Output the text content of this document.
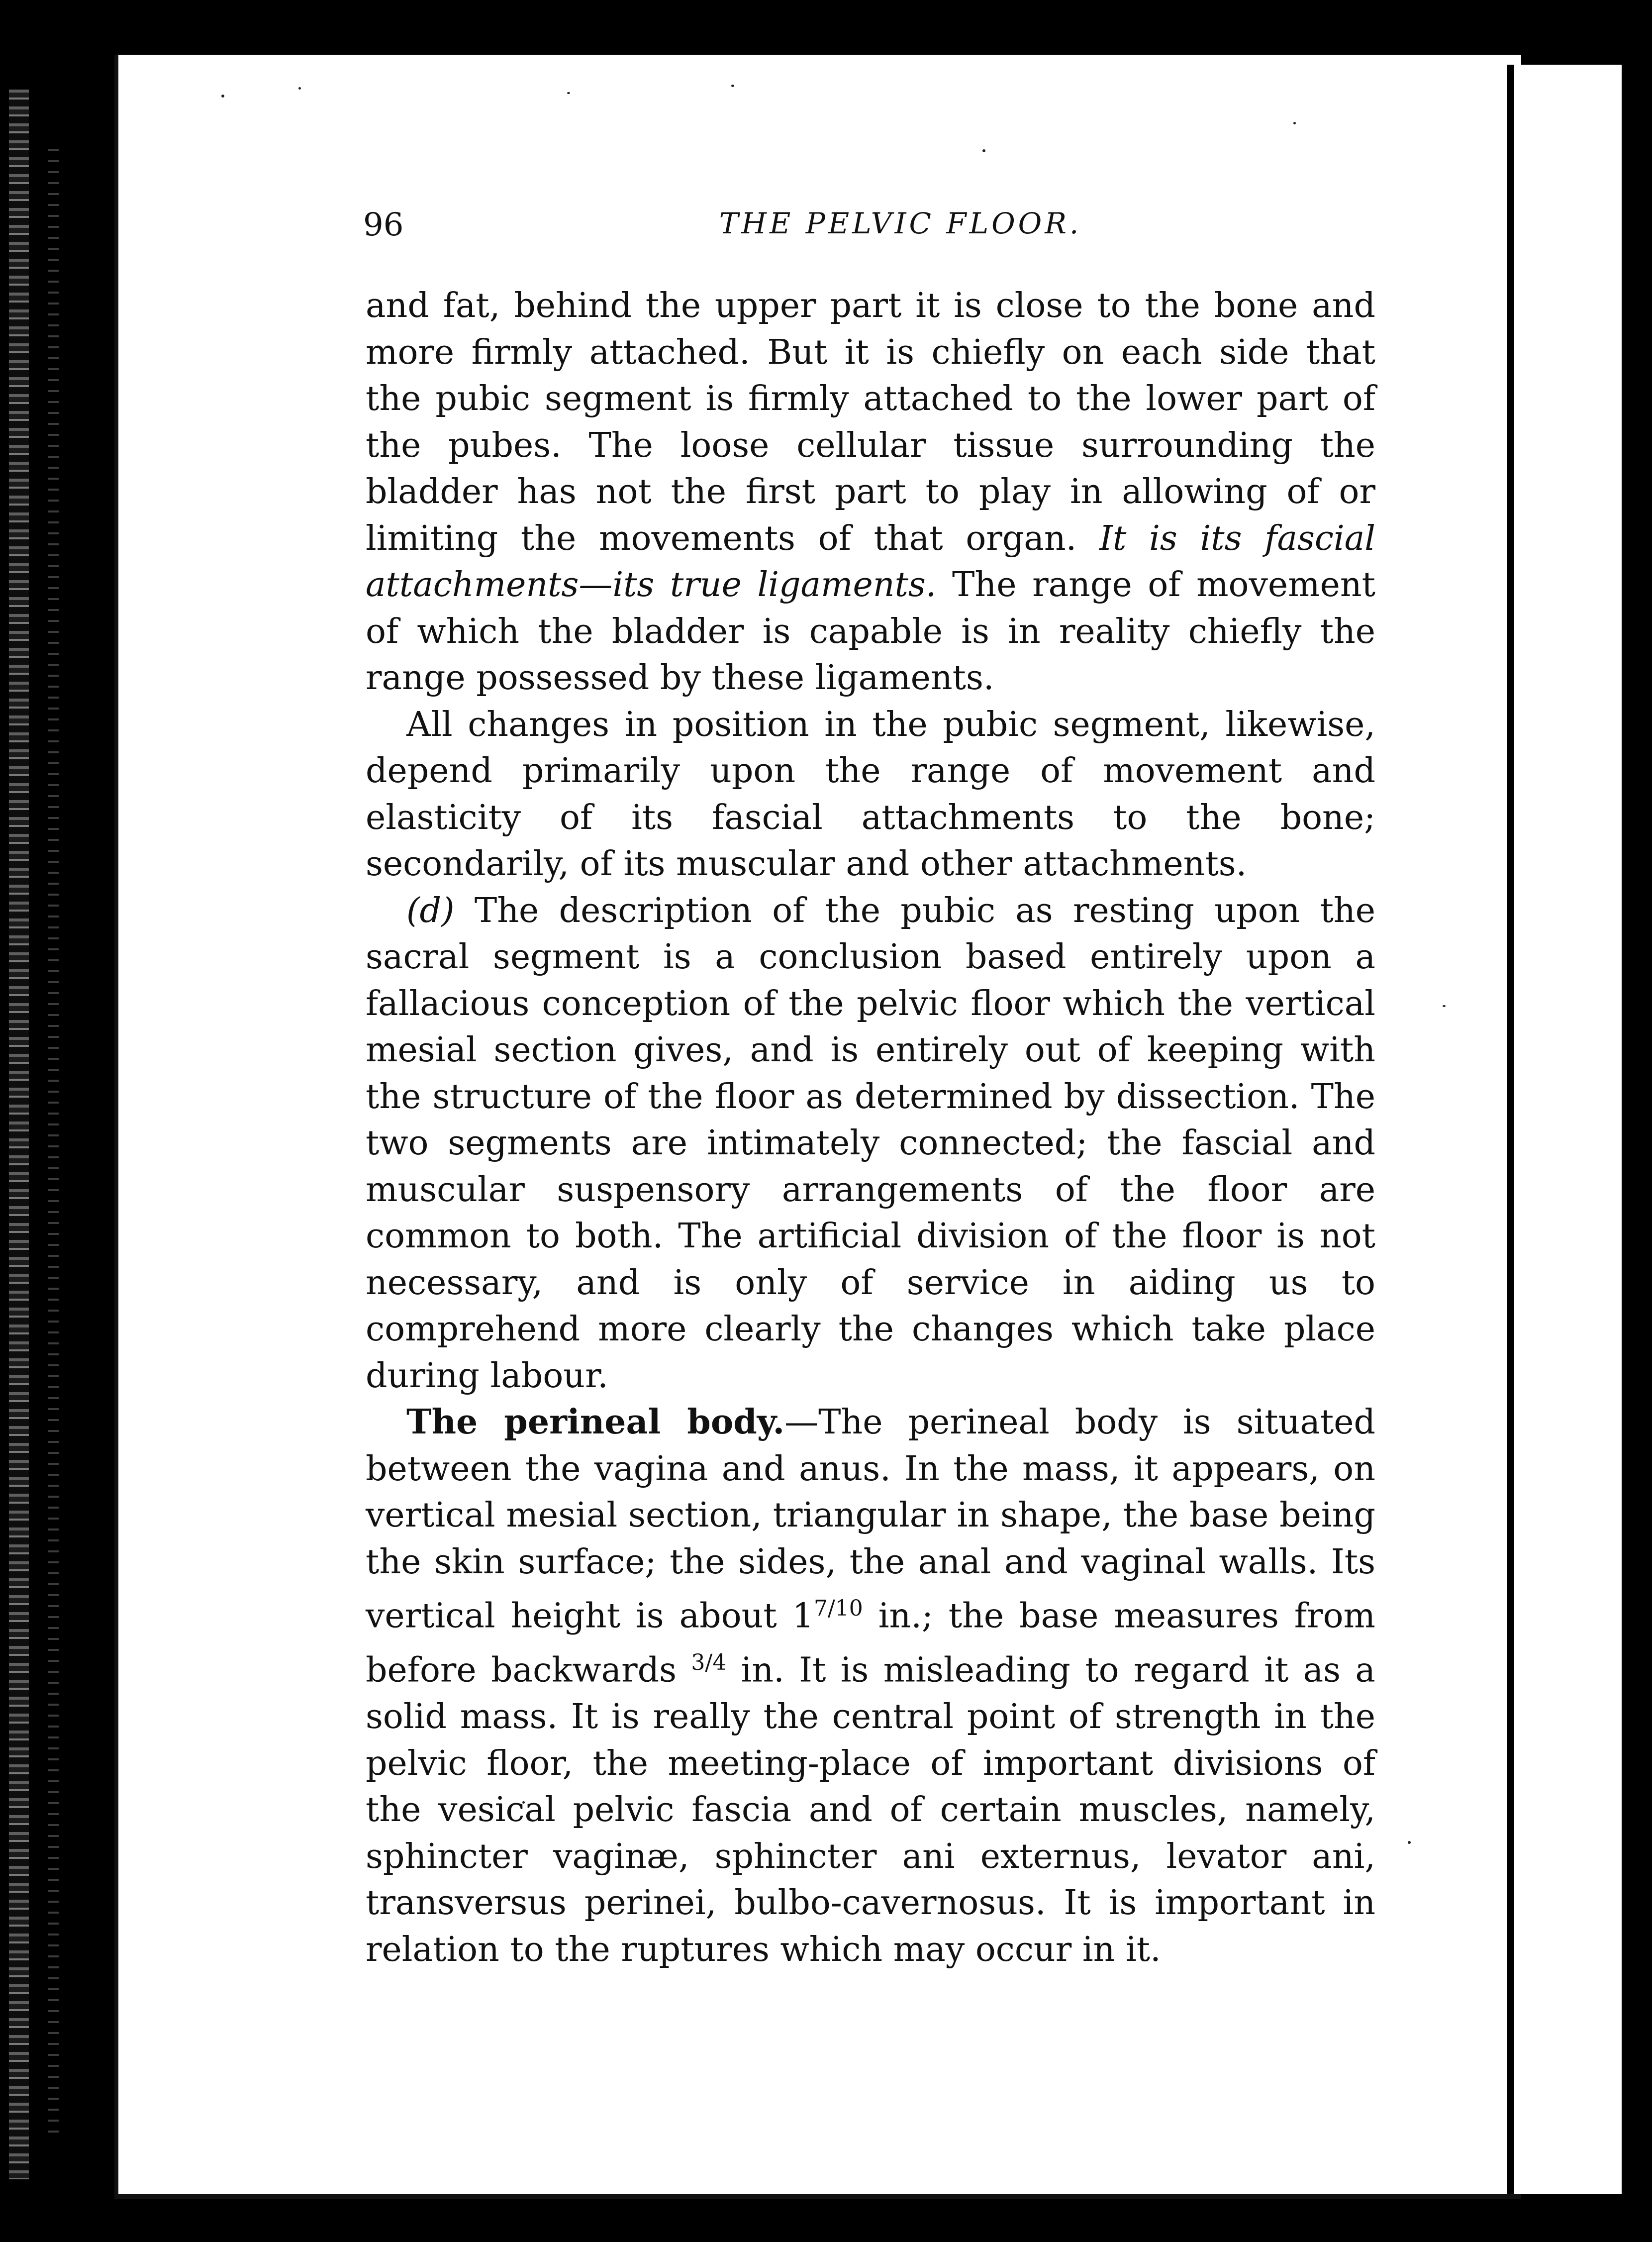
96	THE PELVIC FLOOR.

and fat, behind the upper part it is close to the bone and more firmly attached. But it is chiefly on each side that the pubic segment is firmly attached to the lower part of the pubes. The loose cellular tissue surrounding the bladder has not the first part to play in allowing of or limiting the movements of that organ. It is its fascial attachments—its true ligaments. The range of movement of which the bladder is capable is in reality chiefly the range possessed by these ligaments.

All changes in position in the pubic segment, likewise, depend primarily upon the range of movement and elasticity of its fascial attachments to the bone; secondarily, of its muscular and other attachments.

(d) The description of the pubic as resting upon the sacral segment is a conclusion based entirely upon a fallacious conception of the pelvic floor which the vertical mesial section gives, and is entirely out of keeping with the structure of the floor as determined by dissection. The two segments are intimately connected; the fascial and muscular suspensory arrangements of the floor are common to both. The artificial division of the floor is not necessary, and is only of service in aiding us to comprehend more clearly the changes which take place during labour.

The perineal body.—The perineal body is situated between the vagina and anus. In the mass, it appears, on vertical mesial section, triangular in shape, the base being the skin surface; the sides, the anal and vaginal walls. Its vertical height is about $1^{7/10}$ in.; the base measures from before backwards $^{3/4}$ in. It is misleading to regard it as a solid mass. It is really the central point of strength in the pelvic floor, the meeting-place of important divisions of the vesical pelvic fascia and of certain muscles, namely, sphincter vaginæ, sphincter ani externus, levator ani, transversus perinei, bulbo-cavernosus. It is important in relation to the ruptures which may occur in it.
